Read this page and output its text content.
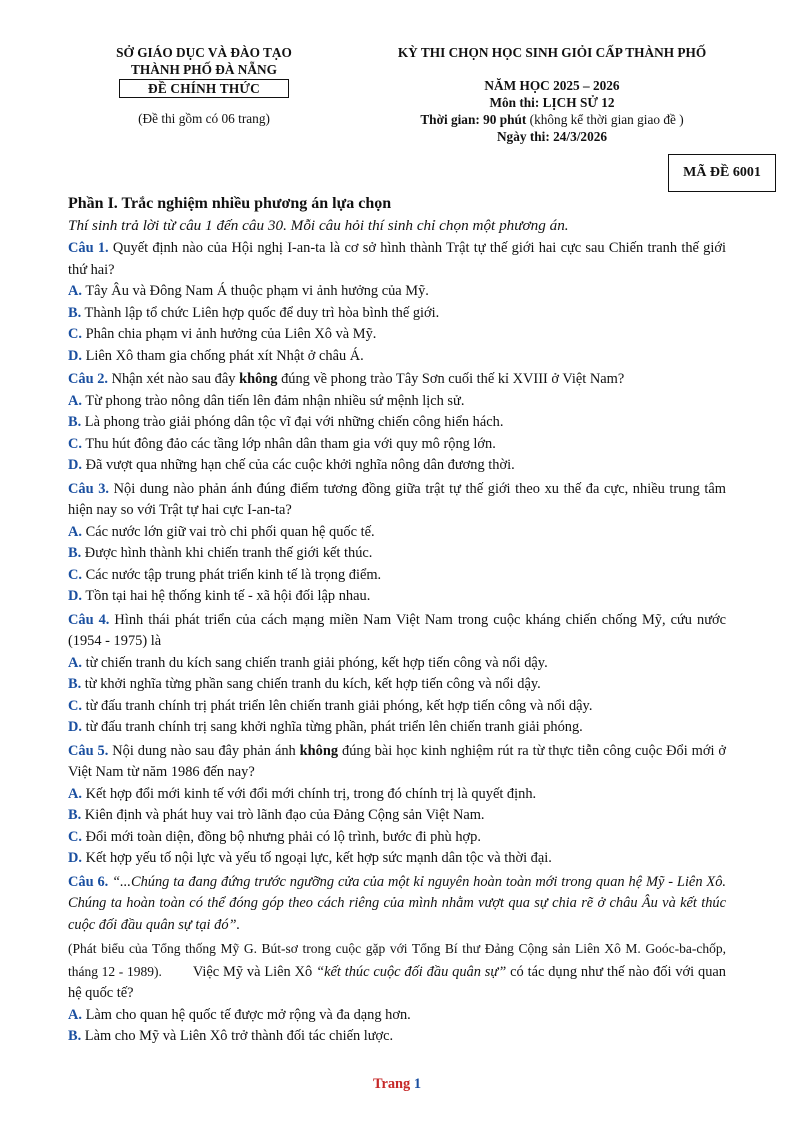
SỞ GIÁO DỤC VÀ ĐÀO TẠO
THÀNH PHỐ ĐÀ NẴNG
ĐỀ CHÍNH THỨC
(Đề thi gồm có 06 trang)
KỲ THI CHỌN HỌC SINH GIỎI CẤP THÀNH PHỐ
NĂM HỌC 2025 – 2026
Môn thi: LỊCH SỬ 12
Thời gian: 90 phút (không kể thời gian giao đề )
Ngày thi: 24/3/2026
MÃ ĐỀ 6001
Phần I. Trắc nghiệm nhiều phương án lựa chọn
Thí sinh trả lời từ câu 1 đến câu 30. Mỗi câu hỏi thí sinh chỉ chọn một phương án.
Câu 1. Quyết định nào của Hội nghị I-an-ta là cơ sở hình thành Trật tự thế giới hai cực sau Chiến tranh thế giới thứ hai?
A. Tây Âu và Đông Nam Á thuộc phạm vi ảnh hưởng của Mỹ.
B. Thành lập tổ chức Liên hợp quốc để duy trì hòa bình thế giới.
C. Phân chia phạm vi ảnh hưởng của Liên Xô và Mỹ.
D. Liên Xô tham gia chống phát xít Nhật ở châu Á.
Câu 2. Nhận xét nào sau đây không đúng về phong trào Tây Sơn cuối thế kỉ XVIII ở Việt Nam?
A. Từ phong trào nông dân tiến lên đảm nhận nhiều sứ mệnh lịch sử.
B. Là phong trào giải phóng dân tộc vĩ đại với những chiến công hiển hách.
C. Thu hút đông đảo các tầng lớp nhân dân tham gia với quy mô rộng lớn.
D. Đã vượt qua những hạn chế của các cuộc khởi nghĩa nông dân đương thời.
Câu 3. Nội dung nào phản ánh đúng điểm tương đồng giữa trật tự thế giới theo xu thế đa cực, nhiều trung tâm hiện nay so với Trật tự hai cực I-an-ta?
A. Các nước lớn giữ vai trò chi phối quan hệ quốc tế.
B. Được hình thành khi chiến tranh thế giới kết thúc.
C. Các nước tập trung phát triển kinh tế là trọng điểm.
D. Tồn tại hai hệ thống kinh tế - xã hội đối lập nhau.
Câu 4. Hình thái phát triển của cách mạng miền Nam Việt Nam trong cuộc kháng chiến chống Mỹ, cứu nước (1954 - 1975) là
A. từ chiến tranh du kích sang chiến tranh giải phóng, kết hợp tiến công và nổi dậy.
B. từ khởi nghĩa từng phần sang chiến tranh du kích, kết hợp tiến công và nổi dậy.
C. từ đấu tranh chính trị phát triển lên chiến tranh giải phóng, kết hợp tiến công và nổi dậy.
D. từ đấu tranh chính trị sang khởi nghĩa từng phần, phát triển lên chiến tranh giải phóng.
Câu 5. Nội dung nào sau đây phản ánh không đúng bài học kinh nghiệm rút ra từ thực tiễn công cuộc Đổi mới ở Việt Nam từ năm 1986 đến nay?
A. Kết hợp đổi mới kinh tế với đổi mới chính trị, trong đó chính trị là quyết định.
B. Kiên định và phát huy vai trò lãnh đạo của Đảng Cộng sản Việt Nam.
C. Đổi mới toàn diện, đồng bộ nhưng phải có lộ trình, bước đi phù hợp.
D. Kết hợp yếu tố nội lực và yếu tố ngoại lực, kết hợp sức mạnh dân tộc và thời đại.
Câu 6. “...Chúng ta đang đứng trước ngưỡng cửa của một kỉ nguyên hoàn toàn mới trong quan hệ Mỹ - Liên Xô. Chúng ta hoàn toàn có thể đóng góp theo cách riêng của mình nhằm vượt qua sự chia rẽ ở châu Âu và kết thúc cuộc đối đầu quân sự tại đó”.
(Phát biểu của Tổng thống Mỹ G. Bút-sơ trong cuộc gặp với Tổng Bí thư Đảng Cộng sản Liên Xô M. Goóc-ba-chốp, tháng 12 - 1989). Việc Mỹ và Liên Xô “kết thúc cuộc đối đầu quân sự” có tác dụng như thế nào đối với quan hệ quốc tế?
A. Làm cho quan hệ quốc tế được mở rộng và đa dạng hơn.
B. Làm cho Mỹ và Liên Xô trở thành đối tác chiến lược.
Trang 1
